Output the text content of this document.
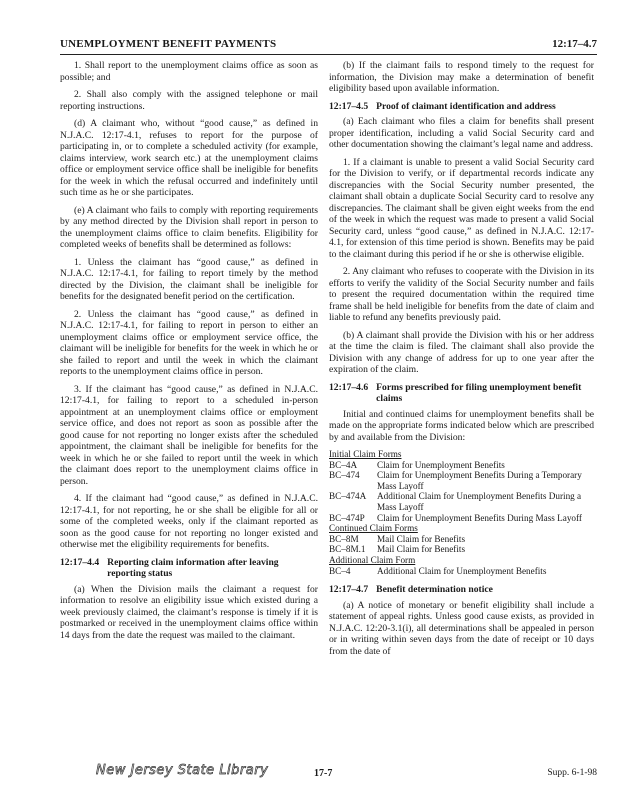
UNEMPLOYMENT BENEFIT PAYMENTS	12:17–4.7

1. Shall report to the unemployment claims office as soon as possible; and

2. Shall also comply with the assigned telephone or mail reporting instructions.

(d) A claimant who, without “good cause,” as defined in N.J.A.C. 12:17-4.1, refuses to report for the purpose of participating in, or to complete a scheduled activity (for example, claims interview, work search etc.) at the unemployment claims office or employment service office shall be ineligible for benefits for the week in which the refusal occurred and indefinitely until such time as he or she participates.

(e) A claimant who fails to comply with reporting requirements by any method directed by the Division shall report in person to the unemployment claims office to claim benefits. Eligibility for completed weeks of benefits shall be determined as follows:

1. Unless the claimant has “good cause,” as defined in N.J.A.C. 12:17-4.1, for failing to report timely by the method directed by the Division, the claimant shall be ineligible for benefits for the designated benefit period on the certification.

2. Unless the claimant has “good cause,” as defined in N.J.A.C. 12:17-4.1, for failing to report in person to either an unemployment claims office or employment service office, the claimant will be ineligible for benefits for the week in which he or she failed to report and until the week in which the claimant reports to the unemployment claims office in person.

3. If the claimant has “good cause,” as defined in N.J.A.C. 12:17-4.1, for failing to report to a scheduled in-person appointment at an unemployment claims office or employment service office, and does not report as soon as possible after the good cause for not reporting no longer exists after the scheduled appointment, the claimant shall be ineligible for benefits for the week in which he or she failed to report until the week in which the claimant does report to the unemployment claims office in person.

4. If the claimant had “good cause,” as defined in N.J.A.C. 12:17-4.1, for not reporting, he or she shall be eligible for all or some of the completed weeks, only if the claimant reported as soon as the good cause for not reporting no longer existed and otherwise met the eligibility requirements for benefits.

12:17–4.4 Reporting claim information after leaving reporting status

(a) When the Division mails the claimant a request for information to resolve an eligibility issue which existed during a week previously claimed, the claimant’s response is timely if it is postmarked or received in the unemployment claims office within 14 days from the date the request was mailed to the claimant.

(b) If the claimant fails to respond timely to the request for information, the Division may make a determination of benefit eligibility based upon available information.

12:17–4.5 Proof of claimant identification and address

(a) Each claimant who files a claim for benefits shall present proper identification, including a valid Social Security card and other documentation showing the claimant’s legal name and address.

1. If a claimant is unable to present a valid Social Security card for the Division to verify, or if departmental records indicate any discrepancies with the Social Security number presented, the claimant shall obtain a duplicate Social Security card to resolve any discrepancies. The claimant shall be given eight weeks from the end of the week in which the request was made to present a valid Social Security card, unless “good cause,” as defined in N.J.A.C. 12:17-4.1, for extension of this time period is shown. Benefits may be paid to the claimant during this period if he or she is otherwise eligible.

2. Any claimant who refuses to cooperate with the Division in its efforts to verify the validity of the Social Security number and fails to present the required documentation within the required time frame shall be held ineligible for benefits from the date of claim and liable to refund any benefits previously paid.

(b) A claimant shall provide the Division with his or her address at the time the claim is filed. The claimant shall also provide the Division with any change of address for up to one year after the expiration of the claim.

12:17–4.6 Forms prescribed for filing unemployment benefit claims

Initial and continued claims for unemployment benefits shall be made on the appropriate forms indicated below which are prescribed by and available from the Division:

Initial Claim Forms	
BC–4A	Claim for Unemployment Benefits
BC–474	Claim for Unemployment Benefits During a Temporary Mass Layoff
BC–474A	Additional Claim for Unemployment Benefits During a Mass Layoff
BC–474P	Claim for Unemployment Benefits During Mass Layoff
Continued Claim Forms	
BC–8M	Mail Claim for Benefits
BC–8M.1	Mail Claim for Benefits
Additional Claim Form	
BC–4	Additional Claim for Unemployment Benefits
12:17–4.7 Benefit determination notice

(a) A notice of monetary or benefit eligibility shall include a statement of appeal rights. Unless good cause exists, as provided in N.J.A.C. 12:20-3.1(i), all determinations shall be appealed in person or in writing within seven days from the date of receipt or 10 days from the date of

New Jersey State Library	17-7	Supp. 6-1-98
